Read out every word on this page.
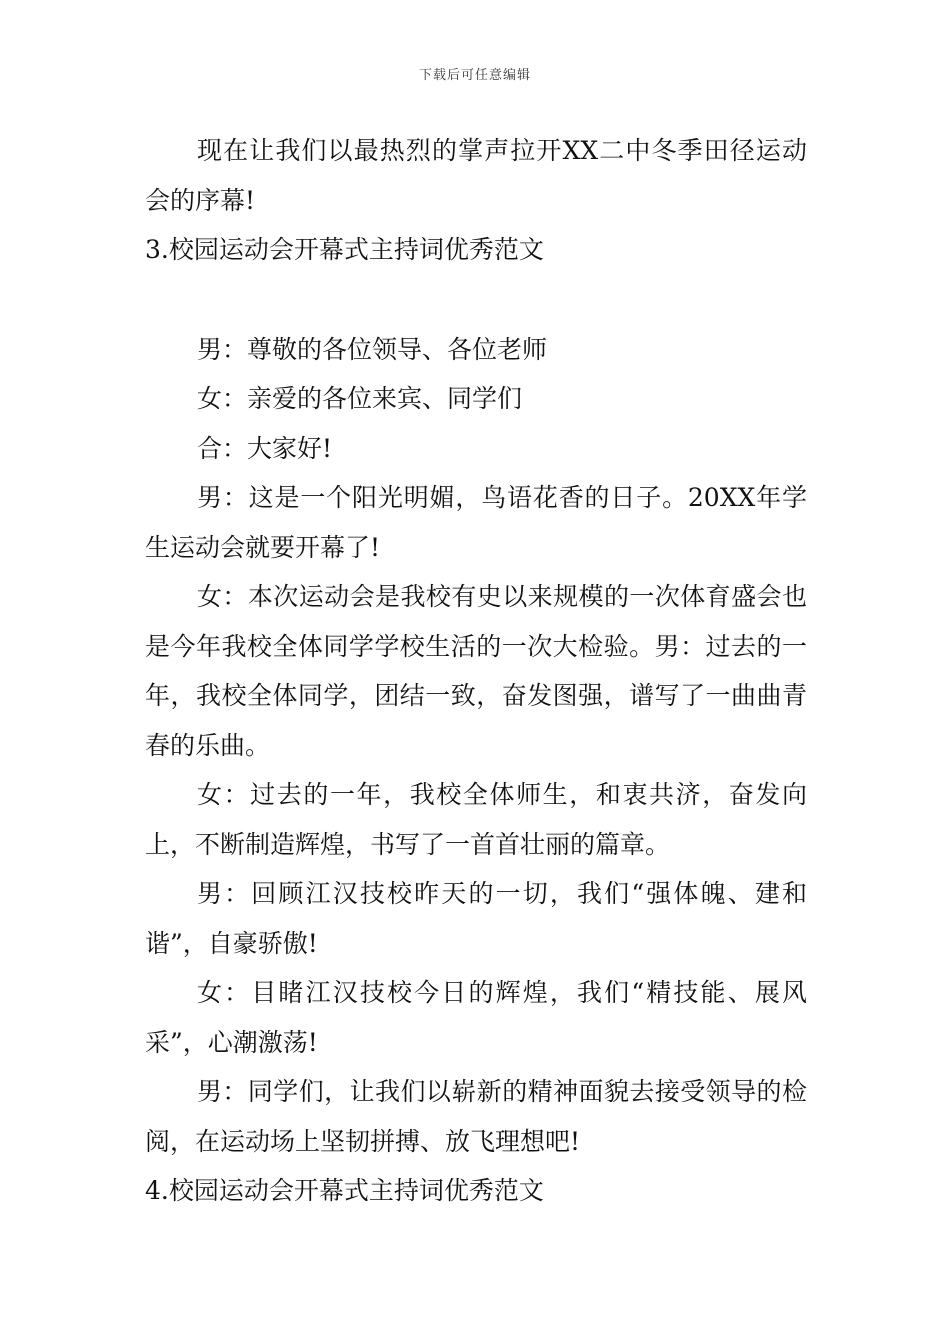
下载后可任意编辑

现在让我们以最热烈的掌声拉开XX二中冬季田径运动会的序幕!

3.校园运动会开幕式主持词优秀范文

男：尊敬的各位领导、各位老师

女：亲爱的各位来宾、同学们

合：大家好!

男：这是一个阳光明媚，鸟语花香的日子。20XX年学生运动会就要开幕了!

女：本次运动会是我校有史以来规模的一次体育盛会也是今年我校全体同学学校生活的一次大检验。男：过去的一年，我校全体同学，团结一致，奋发图强，谱写了一曲曲青春的乐曲。

女：过去的一年，我校全体师生，和衷共济，奋发向上，不断制造辉煌，书写了一首首壮丽的篇章。

男：回顾江汉技校昨天的一切，我们“强体魄、建和谐”，自豪骄傲!

女：目睹江汉技校今日的辉煌，我们“精技能、展风采”，心潮激荡!

男：同学们，让我们以崭新的精神面貌去接受领导的检阅，在运动场上坚韧拼搏、放飞理想吧!

4.校园运动会开幕式主持词优秀范文
